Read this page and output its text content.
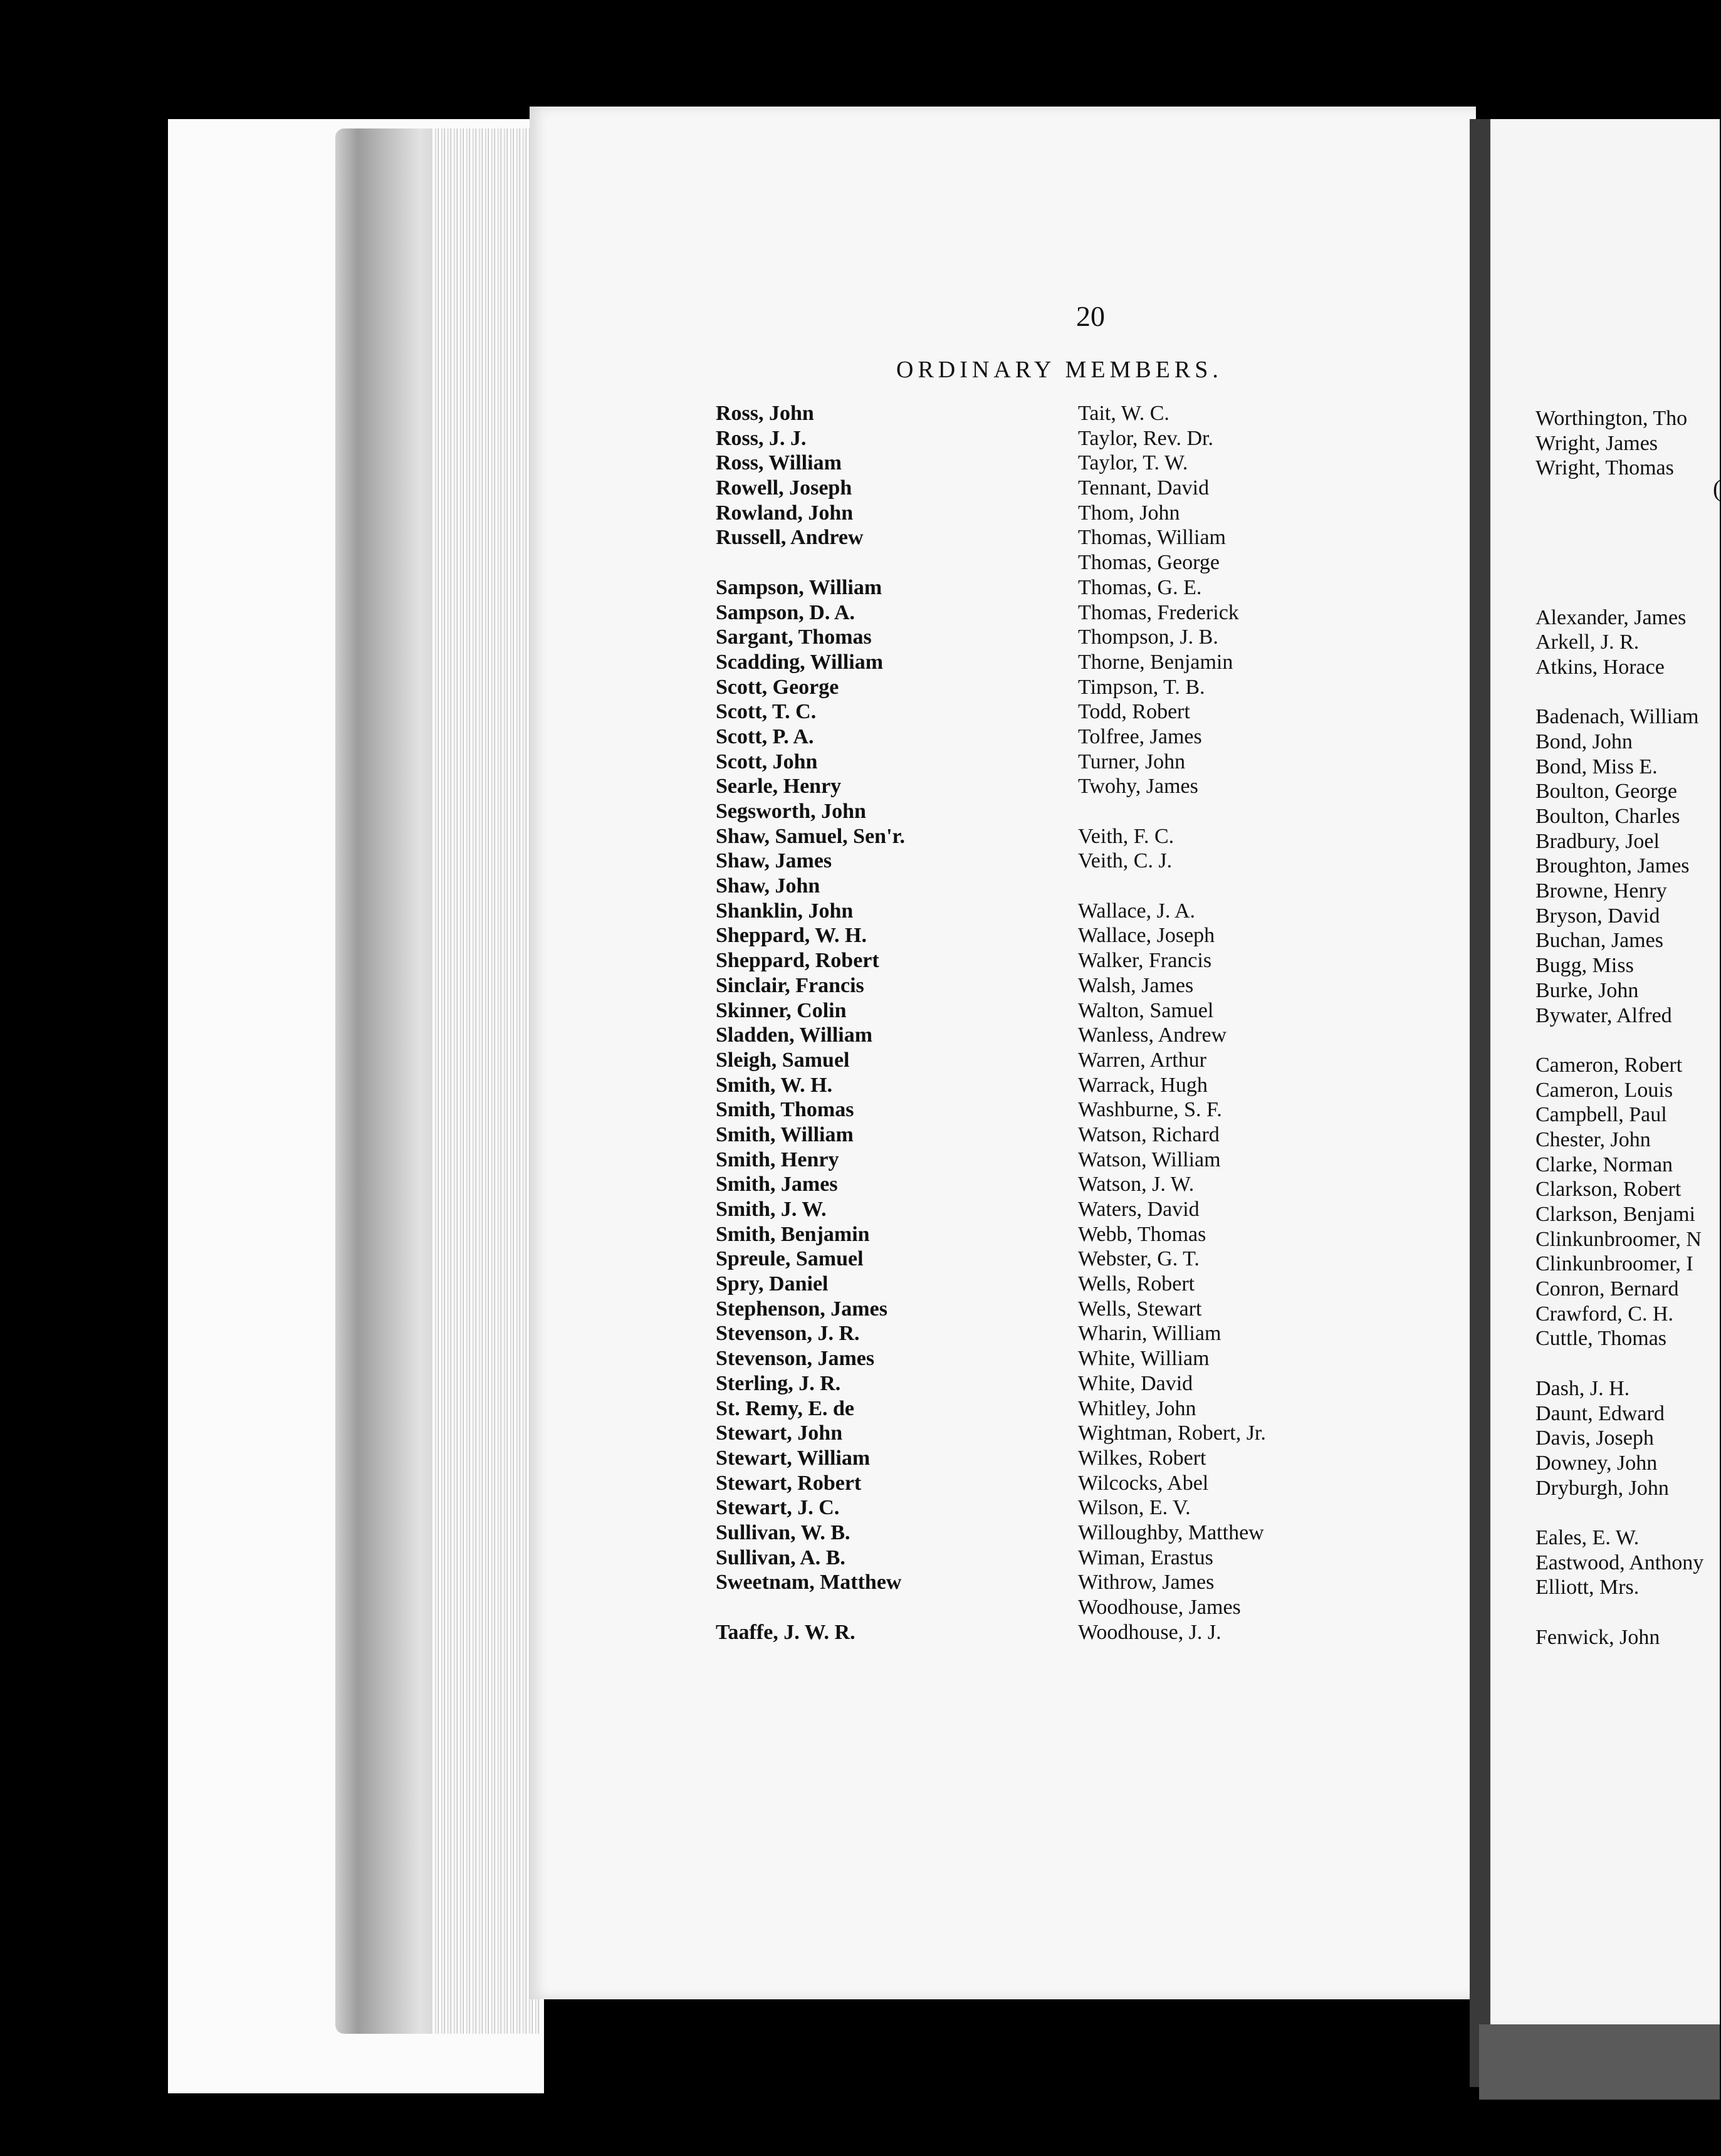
20
ORDINARY MEMBERS.
Ross, John
Ross, J. J.
Ross, William
Rowell, Joseph
Rowland, John
Russell, Andrew
Sampson, William
Sampson, D. A.
Sargant, Thomas
Scadding, William
Scott, George
Scott, T. C.
Scott, P. A.
Scott, John
Searle, Henry
Segsworth, John
Shaw, Samuel, Sen'r.
Shaw, James
Shaw, John
Shanklin, John
Sheppard, W. H.
Sheppard, Robert
Sinclair, Francis
Skinner, Colin
Sladden, William
Sleigh, Samuel
Smith, W. H.
Smith, Thomas
Smith, William
Smith, Henry
Smith, James
Smith, J. W.
Smith, Benjamin
Spreule, Samuel
Spry, Daniel
Stephenson, James
Stevenson, J. R.
Stevenson, James
Sterling, J. R.
St. Remy, E. de
Stewart, John
Stewart, William
Stewart, Robert
Stewart, J. C.
Sullivan, W. B.
Sullivan, A. B.
Sweetnam, Matthew
Taaffe, J. W. R.
Tait, W. C.
Taylor, Rev. Dr.
Taylor, T. W.
Tennant, David
Thom, John
Thomas, William
Thomas, George
Thomas, G. E.
Thomas, Frederick
Thompson, J. B.
Thorne, Benjamin
Timpson, T. B.
Todd, Robert
Tolfree, James
Turner, John
Twohy, James
Veith, F. C.
Veith, C. J.
Wallace, J. A.
Wallace, Joseph
Walker, Francis
Walsh, James
Walton, Samuel
Wanless, Andrew
Warren, Arthur
Warrack, Hugh
Washburne, S. F.
Watson, Richard
Watson, William
Watson, J. W.
Waters, David
Webb, Thomas
Webster, G. T.
Wells, Robert
Wells, Stewart
Wharin, William
White, William
White, David
Whitley, John
Wightman, Robert, Jr.
Wilkes, Robert
Wilcocks, Abel
Wilson, E. V.
Willoughby, Matthew
Wiman, Erastus
Withrow, James
Woodhouse, James
Woodhouse, J. J.
(
Worthington, Tho
Wright, James
Wright, Thomas
Alexander, James
Arkell, J. R.
Atkins, Horace
Badenach, William
Bond, John
Bond, Miss E.
Boulton, George
Boulton, Charles
Bradbury, Joel
Broughton, James
Browne, Henry
Bryson, David
Buchan, James
Bugg, Miss
Burke, John
Bywater, Alfred
Cameron, Robert
Cameron, Louis
Campbell, Paul
Chester, John
Clarke, Norman
Clarkson, Robert
Clarkson, Benjami
Clinkunbroomer, N
Clinkunbroomer, I
Conron, Bernard
Crawford, C. H.
Cuttle, Thomas
Dash, J. H.
Daunt, Edward
Davis, Joseph
Downey, John
Dryburgh, John
Eales, E. W.
Eastwood, Anthony
Elliott, Mrs.
Fenwick, John
